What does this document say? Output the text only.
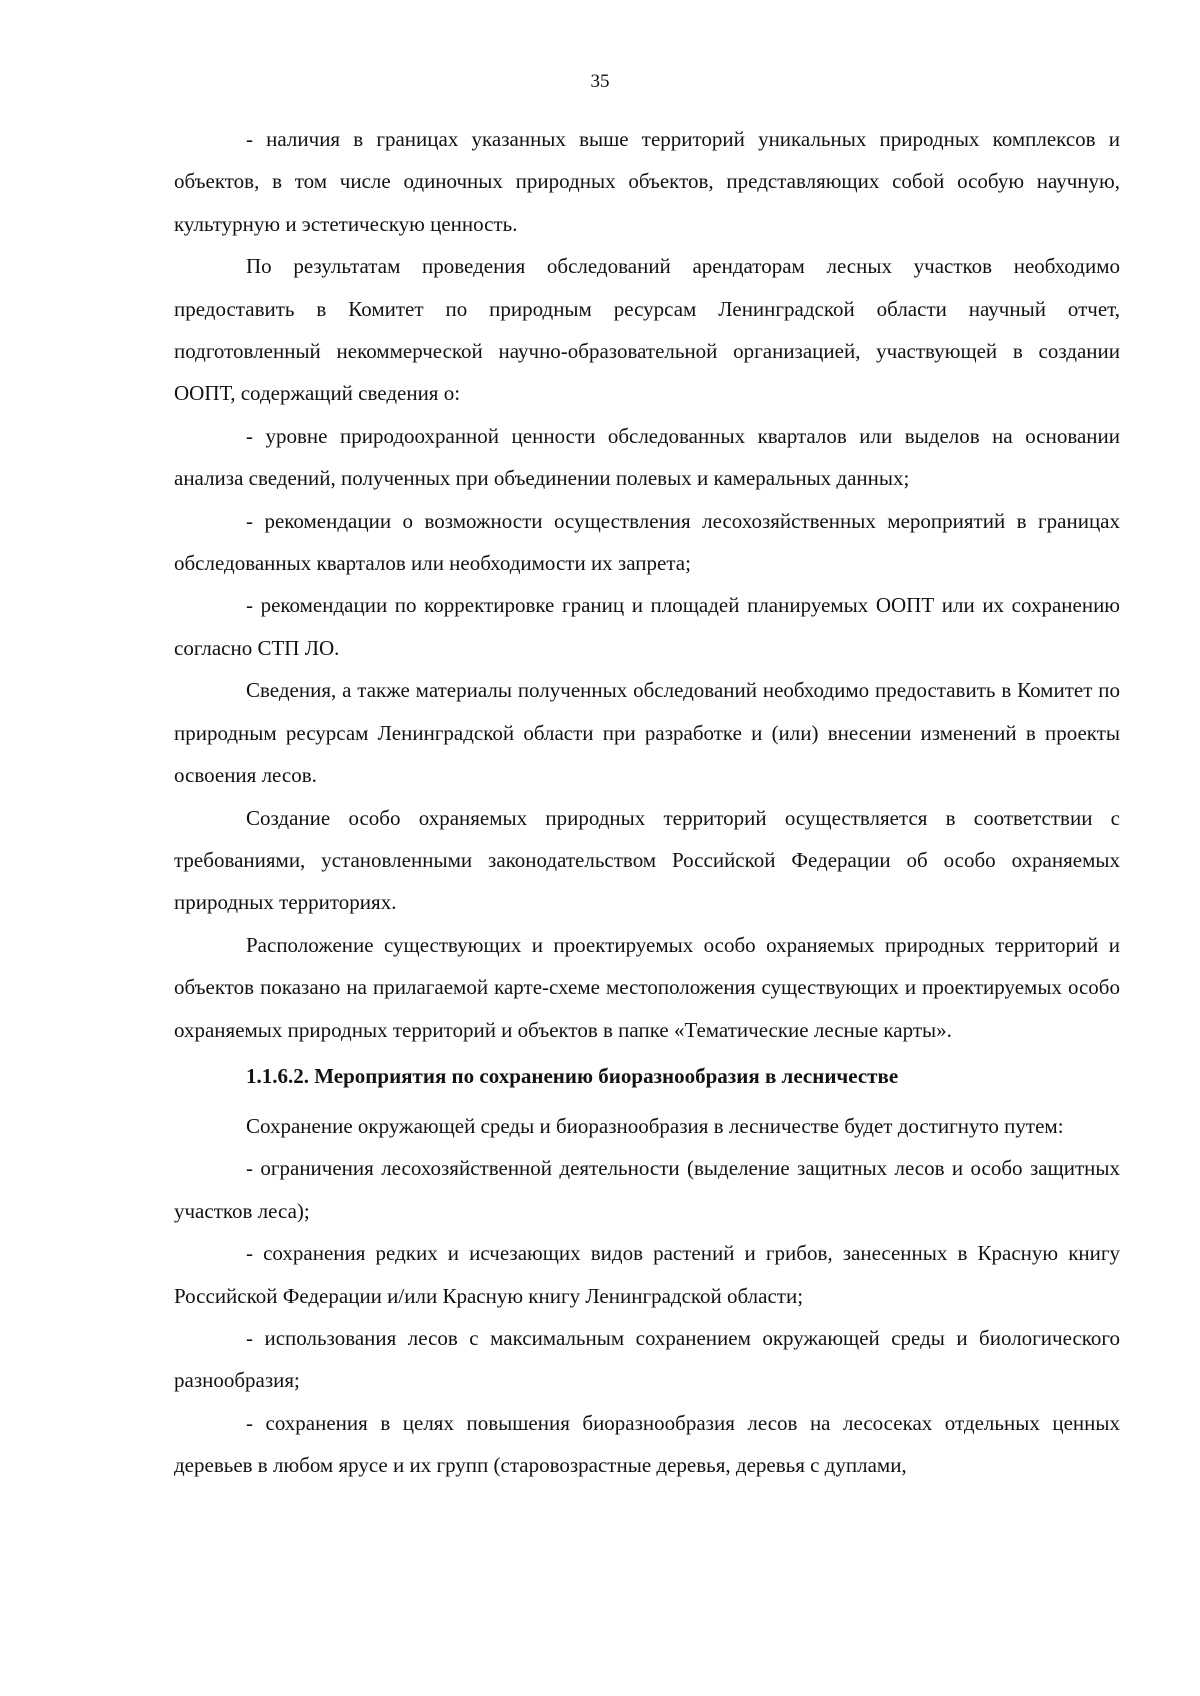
35

- наличия в границах указанных выше территорий уникальных природных комплексов и объектов, в том числе одиночных природных объектов, представляющих собой особую научную, культурную и эстетическую ценность.

По результатам проведения обследований арендаторам лесных участков необходимо предоставить в Комитет по природным ресурсам Ленинградской области научный отчет, подготовленный некоммерческой научно-образовательной организацией, участвующей в создании ООПТ, содержащий сведения о:

- уровне природоохранной ценности обследованных кварталов или выделов на основании анализа сведений, полученных при объединении полевых и камеральных данных;

- рекомендации о возможности осуществления лесохозяйственных мероприятий в границах обследованных кварталов или необходимости их запрета;

- рекомендации по корректировке границ и площадей планируемых ООПТ или их сохранению согласно СТП ЛО.

Сведения, а также материалы полученных обследований необходимо предоставить в Комитет по природным ресурсам Ленинградской области при разработке и (или) внесении изменений в проекты освоения лесов.

Создание особо охраняемых природных территорий осуществляется в соответствии с требованиями, установленными законодательством Российской Федерации об особо охраняемых природных территориях.

Расположение существующих и проектируемых особо охраняемых природных территорий и объектов показано на прилагаемой карте-схеме местоположения существующих и проектируемых особо охраняемых природных территорий и объектов в папке «Тематические лесные карты».

1.1.6.2. Мероприятия по сохранению биоразнообразия в лесничестве

Сохранение окружающей среды и биоразнообразия в лесничестве будет достигнуто путем:

- ограничения лесохозяйственной деятельности (выделение защитных лесов и особо защитных участков леса);

- сохранения редких и исчезающих видов растений и грибов, занесенных в Красную книгу Российской Федерации и/или Красную книгу Ленинградской области;

- использования лесов с максимальным сохранением окружающей среды и биологического разнообразия;

- сохранения в целях повышения биоразнообразия лесов на лесосеках отдельных ценных деревьев в любом ярусе и их групп (старовозрастные деревья, деревья с дуплами,
